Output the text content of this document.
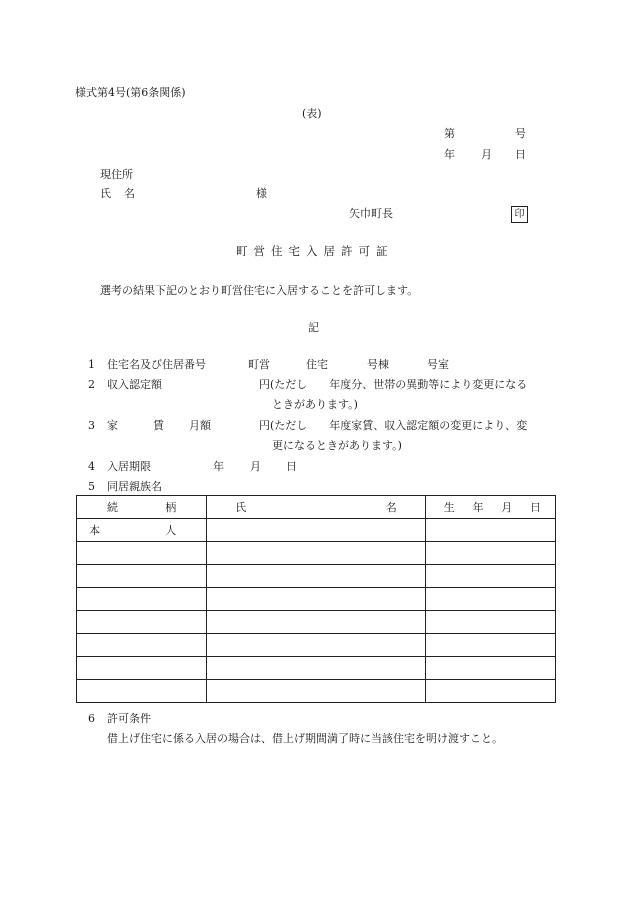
様式第4号(第6条関係)
(表)
第	号
年 月 日
現住所
氏 名	様
矢巾町長	印
町営住宅入居許可証
選考の結果下記のとおり町営住宅に入居することを許可します。
記
1 住宅名及び住居番号	町営	住宅	号棟	号室
2 収入認定額	円(ただし　　年度分、世帯の異動等により変更になる
ときがあります。)
3 家	賃 月額	円(ただし　　年度家賃、収入認定額の変更により、変
更になるときがあります。)
4 入居期限	年 月 日
5 同居親族名
続 柄	氏 名	生 年 月 日

本 人		

6 許可条件
借上げ住宅に係る入居の場合は、借上げ期間満了時に当該住宅を明け渡すこと。
